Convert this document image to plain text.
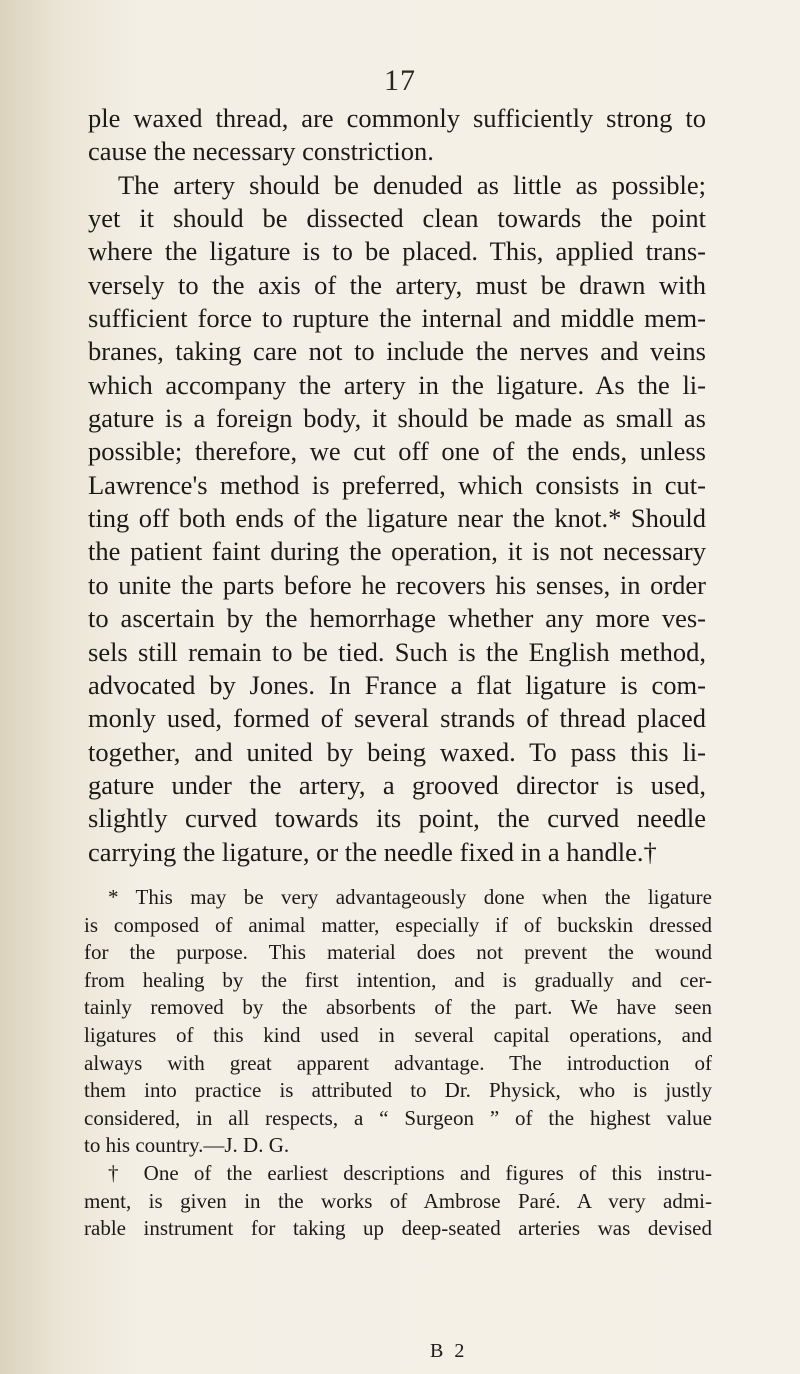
17
ple waxed thread, are commonly sufficiently strong to
cause the necessary constriction.
The artery should be denuded as little as possible;
yet it should be dissected clean towards the point
where the ligature is to be placed. This, applied trans-
versely to the axis of the artery, must be drawn with
sufficient force to rupture the internal and middle mem-
branes, taking care not to include the nerves and veins
which accompany the artery in the ligature. As the li-
gature is a foreign body, it should be made as small as
possible; therefore, we cut off one of the ends, unless
Lawrence's method is preferred, which consists in cut-
ting off both ends of the ligature near the knot.* Should
the patient faint during the operation, it is not necessary
to unite the parts before he recovers his senses, in order
to ascertain by the hemorrhage whether any more ves-
sels still remain to be tied. Such is the English method,
advocated by Jones. In France a flat ligature is com-
monly used, formed of several strands of thread placed
together, and united by being waxed. To pass this li-
gature under the artery, a grooved director is used,
slightly curved towards its point, the curved needle
carrying the ligature, or the needle fixed in a handle.†
* This may be very advantageously done when the ligature
is composed of animal matter, especially if of buckskin dressed
for the purpose. This material does not prevent the wound
from healing by the first intention, and is gradually and cer-
tainly removed by the absorbents of the part. We have seen
ligatures of this kind used in several capital operations, and
always with great apparent advantage. The introduction of
them into practice is attributed to Dr. Physick, who is justly
considered, in all respects, a “ Surgeon ” of the highest value
to his country.—J. D. G.
† One of the earliest descriptions and figures of this instru-
ment, is given in the works of Ambrose Paré. A very admi-
rable instrument for taking up deep-seated arteries was devised
B 2
